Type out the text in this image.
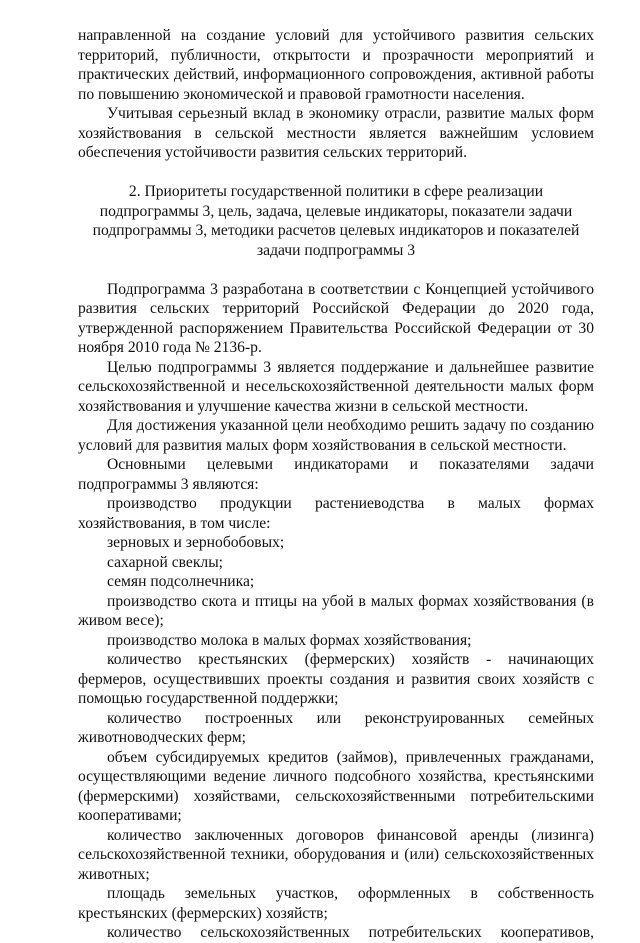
направленной на создание условий для устойчивого развития сельских территорий, публичности, открытости и прозрачности мероприятий и практических действий, информационного сопровождения, активной работы по повышению экономической и правовой грамотности населения.

Учитывая серьезный вклад в экономику отрасли, развитие малых форм хозяйствования в сельской местности является важнейшим условием обеспечения устойчивости развития сельских территорий.

2. Приоритеты государственной политики в сфере реализации подпрограммы 3, цель, задача, целевые индикаторы, показатели задачи подпрограммы 3, методики расчетов целевых индикаторов и показателей задачи подпрограммы 3

Подпрограмма 3 разработана в соответствии с Концепцией устойчивого развития сельских территорий Российской Федерации до 2020 года, утвержденной распоряжением Правительства Российской Федерации от 30 ноября 2010 года № 2136-р.

Целью подпрограммы 3 является поддержание и дальнейшее развитие сельскохозяйственной и несельскохозяйственной деятельности малых форм хозяйствования и улучшение качества жизни в сельской местности.

Для достижения указанной цели необходимо решить задачу по созданию условий для развития малых форм хозяйствования в сельской местности.

Основными целевыми индикаторами и показателями задачи подпрограммы 3 являются:

производство продукции растениеводства в малых формах хозяйствования, в том числе:

зерновых и зернобобовых;

сахарной свеклы;

семян подсолнечника;

производство скота и птицы на убой в малых формах хозяйствования (в живом весе);

производство молока в малых формах хозяйствования;

количество крестьянских (фермерских) хозяйств - начинающих фермеров, осуществивших проекты создания и развития своих хозяйств с помощью государственной поддержки;

количество построенных или реконструированных семейных животноводческих ферм;

объем субсидируемых кредитов (займов), привлеченных гражданами, осуществляющими ведение личного подсобного хозяйства, крестьянскими (фермерскими) хозяйствами, сельскохозяйственными потребительскими кооперативами;

количество заключенных договоров финансовой аренды (лизинга) сельскохозяйственной техники, оборудования и (или) сельскохозяйственных животных;

площадь земельных участков, оформленных в собственность крестьянских (фермерских) хозяйств;

количество сельскохозяйственных потребительских кооперативов,
